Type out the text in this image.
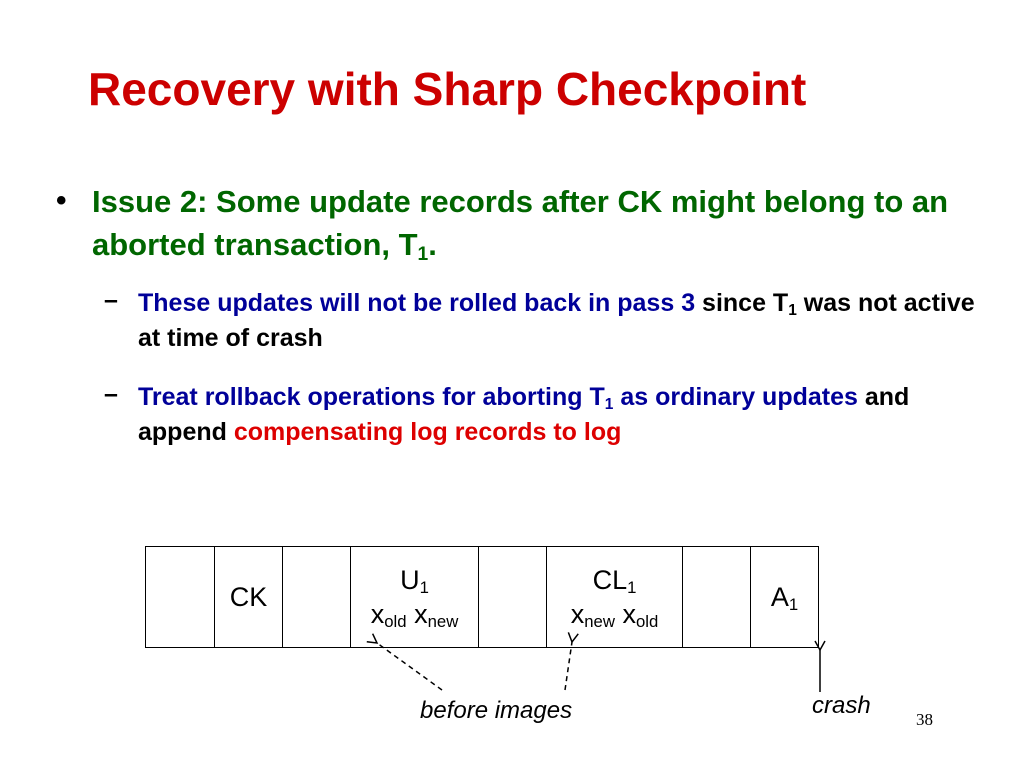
Recovery with Sharp Checkpoint
• Issue 2: Some update records after CK might belong to an aborted transaction, $T_1$.
– These updates will not be rolled back in pass 3 since $T_1$ was not active at time of crash
– Treat rollback operations for aborting $T_1$ as ordinary updates and append compensating log records to log
CK
$U_1$
$x_{old}$ $x_{new}$
$CL_1$
$x_{new}$ $x_{old}$
$A_1$
before images	crash
38
